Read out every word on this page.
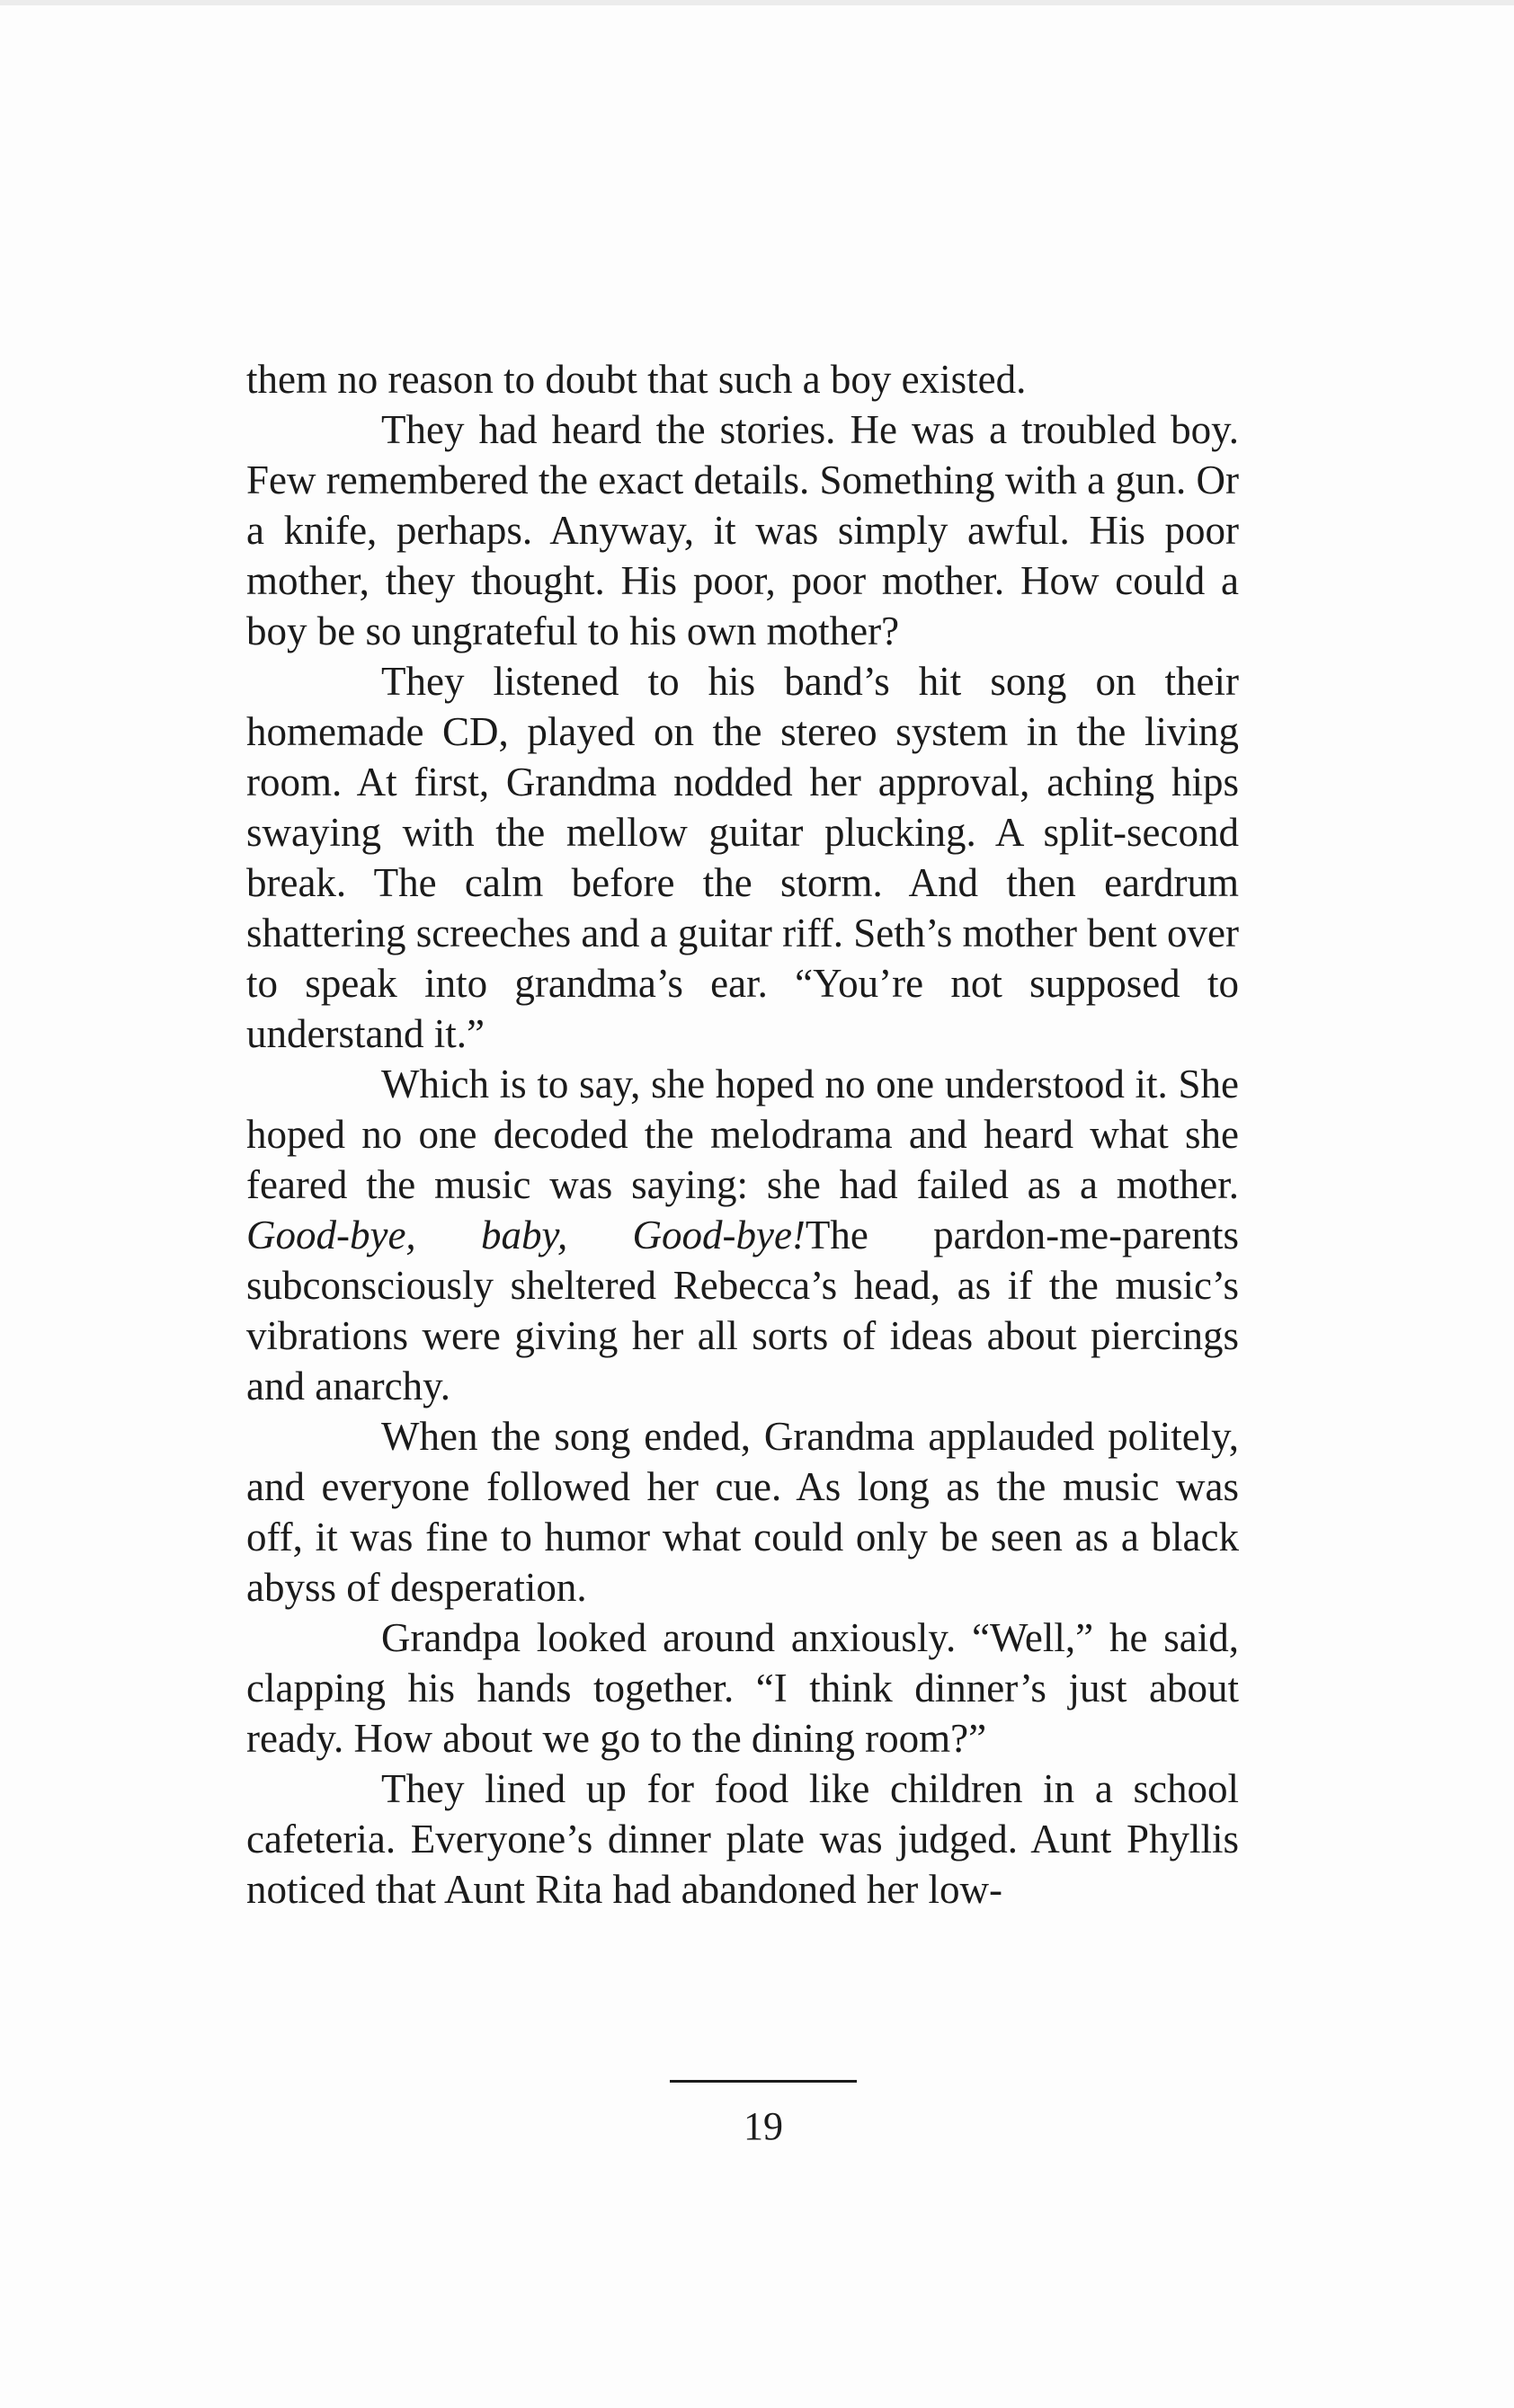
them no reason to doubt that such a boy existed.

They had heard the stories. He was a troubled boy. Few remembered the exact details. Something with a gun. Or a knife, perhaps. Anyway, it was simply awful. His poor mother, they thought. His poor, poor mother. How could a boy be so ungrateful to his own mother?

They listened to his band’s hit song on their homemade CD, played on the stereo system in the living room. At first, Grandma nodded her approval, aching hips swaying with the mellow guitar plucking. A split-second break. The calm before the storm. And then eardrum shattering screeches and a guitar riff. Seth’s mother bent over to speak into grandma’s ear. “You’re not supposed to understand it.”

Which is to say, she hoped no one understood it. She hoped no one decoded the melodrama and heard what she feared the music was saying: she had failed as a mother. Good-bye, baby, Good-bye!The pardon-me-parents subconsciously sheltered Rebecca’s head, as if the music’s vibrations were giving her all sorts of ideas about piercings and anarchy.

When the song ended, Grandma applauded politely, and everyone followed her cue. As long as the music was off, it was fine to humor what could only be seen as a black abyss of desperation.

Grandpa looked around anxiously. “Well,” he said, clapping his hands together. “I think dinner’s just about ready. How about we go to the dining room?”

They lined up for food like children in a school cafeteria. Everyone’s dinner plate was judged. Aunt Phyllis noticed that Aunt Rita had abandoned her low-

19
